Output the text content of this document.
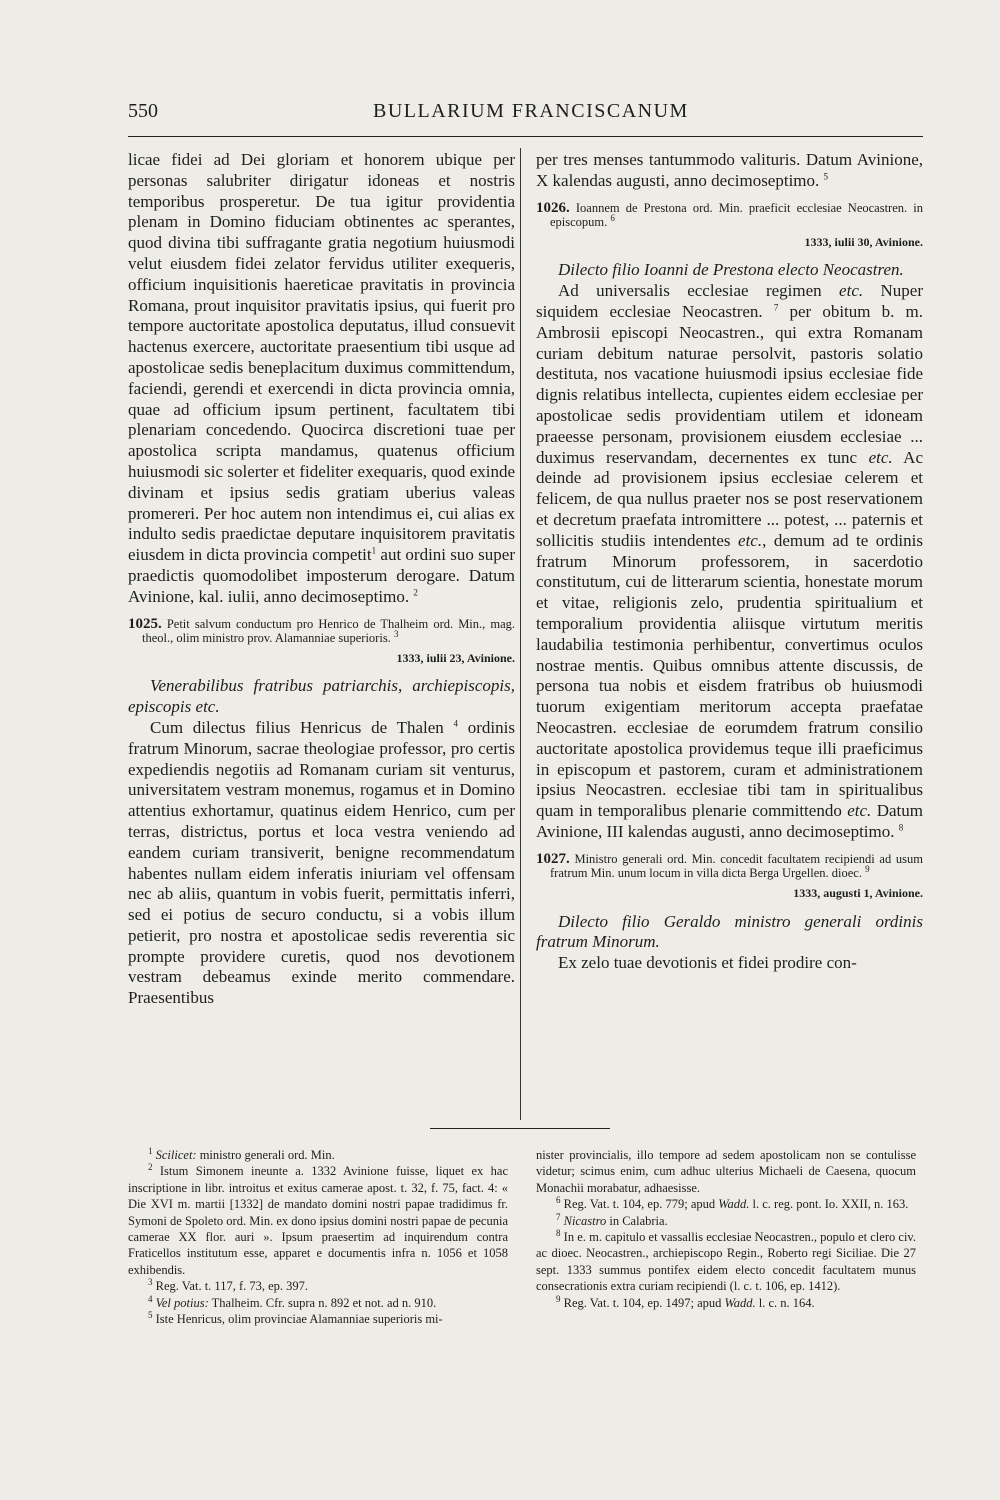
550	BULLARIUM FRANCISCANUM

licae fidei ad Dei gloriam et honorem ubique per personas salubriter dirigatur idoneas et nostris temporibus prosperetur. De tua igitur providentia plenam in Domino fiduciam obtinentes ac sperantes, quod divina tibi suffragante gratia negotium huiusmodi velut eiusdem fidei zelator fervidus utiliter exequeris, officium inquisitionis haereticae pravitatis in provincia Romana, prout inquisitor pravitatis ipsius, qui fuerit pro tempore auctoritate apostolica deputatus, illud consuevit hactenus exercere, auctoritate praesentium tibi usque ad apostolicae sedis beneplacitum duximus committendum, faciendi, gerendi et exercendi in dicta provincia omnia, quae ad officium ipsum pertinent, facultatem tibi plenariam concedendo. Quocirca discretioni tuae per apostolica scripta mandamus, quatenus officium huiusmodi sic solerter et fideliter exequaris, quod exinde divinam et ipsius sedis gratiam uberius valeas promereri. Per hoc autem non intendimus ei, cui alias ex indulto sedis praedictae deputare inquisitorem pravitatis eiusdem in dicta provincia competit$^1$ aut ordini suo super praedictis quomodolibet imposterum derogare. Datum Avinione, kal. iulii, anno decimoseptimo. $^2$

1025. Petit salvum conductum pro Henrico de Thalheim ord. Min., mag. theol., olim ministro prov. Alamanniae superioris. $^3$

1333, iulii 23, Avinione.

Venerabilibus fratribus patriarchis, archiepiscopis, episcopis etc.

Cum dilectus filius Henricus de Thalen $^4$ ordinis fratrum Minorum, sacrae theologiae professor, pro certis expediendis negotiis ad Romanam curiam sit venturus, universitatem vestram monemus, rogamus et in Domino attentius exhortamur, quatinus eidem Henrico, cum per terras, districtus, portus et loca vestra veniendo ad eandem curiam transiverit, benigne recommendatum habentes nullam eidem inferatis iniuriam vel offensam nec ab aliis, quantum in vobis fuerit, permittatis inferri, sed ei potius de securo conductu, si a vobis illum petierit, pro nostra et apostolicae sedis reverentia sic prompte providere curetis, quod nos devotionem vestram debeamus exinde merito commendare. Praesentibus

per tres menses tantummodo valituris. Datum Avinione, X kalendas augusti, anno decimoseptimo. $^5$

1026. Ioannem de Prestona ord. Min. praeficit ecclesiae Neocastren. in episcopum. $^6$

1333, iulii 30, Avinione.

Dilecto filio Ioanni de Prestona electo Neocastren.

Ad universalis ecclesiae regimen etc. Nuper siquidem ecclesiae Neocastren. $^7$ per obitum b. m. Ambrosii episcopi Neocastren., qui extra Romanam curiam debitum naturae persolvit, pastoris solatio destituta, nos vacatione huiusmodi ipsius ecclesiae fide dignis relatibus intellecta, cupientes eidem ecclesiae per apostolicae sedis providentiam utilem et idoneam praeesse personam, provisionem eiusdem ecclesiae ... duximus reservandam, decernentes ex tunc etc. Ac deinde ad provisionem ipsius ecclesiae celerem et felicem, de qua nullus praeter nos se post reservationem et decretum praefata intromittere ... potest, ... paternis et sollicitis studiis intendentes etc., demum ad te ordinis fratrum Minorum professorem, in sacerdotio constitutum, cui de litterarum scientia, honestate morum et vitae, religionis zelo, prudentia spiritualium et temporalium providentia aliisque virtutum meritis laudabilia testimonia perhibentur, convertimus oculos nostrae mentis. Quibus omnibus attente discussis, de persona tua nobis et eisdem fratribus ob huiusmodi tuorum exigentiam meritorum accepta praefatae Neocastren. ecclesiae de eorumdem fratrum consilio auctoritate apostolica providemus teque illi praeficimus in episcopum et pastorem, curam et administrationem ipsius Neocastren. ecclesiae tibi tam in spiritualibus quam in temporalibus plenarie committendo etc. Datum Avinione, III kalendas augusti, anno decimoseptimo. $^8$

1027. Ministro generali ord. Min. concedit facultatem recipiendi ad usum fratrum Min. unum locum in villa dicta Berga Urgellen. dioec. $^9$

1333, augusti 1, Avinione.

Dilecto filio Geraldo ministro generali ordinis fratrum Minorum.

Ex zelo tuae devotionis et fidei prodire con-

$^1$ Scilicet: ministro generali ord. Min.

$^2$ Istum Simonem ineunte a. 1332 Avinione fuisse, liquet ex hac inscriptione in libr. introitus et exitus camerae apost. t. 32, f. 75, fact. 4: « Die XVI m. martii [1332] de mandato domini nostri papae tradidimus fr. Symoni de Spoleto ord. Min. ex dono ipsius domini nostri papae de pecunia camerae XX flor. auri ». Ipsum praesertim ad inquirendum contra Fraticellos institutum esse, apparet e documentis infra n. 1056 et 1058 exhibendis.

$^3$ Reg. Vat. t. 117, f. 73, ep. 397.

$^4$ Vel potius: Thalheim. Cfr. supra n. 892 et not. ad n. 910.

$^5$ Iste Henricus, olim provinciae Alamanniae superioris mi-

nister provincialis, illo tempore ad sedem apostolicam non se contulisse videtur; scimus enim, cum adhuc ulterius Michaeli de Caesena, quocum Monachii morabatur, adhaesisse.

$^6$ Reg. Vat. t. 104, ep. 779; apud Wadd. l. c. reg. pont. Io. XXII, n. 163.

$^7$ Nicastro in Calabria.

$^8$ In e. m. capitulo et vassallis ecclesiae Neocastren., populo et clero civ. ac dioec. Neocastren., archiepiscopo Regin., Roberto regi Siciliae. Die 27 sept. 1333 summus pontifex eidem electo concedit facultatem munus consecrationis extra curiam recipiendi (l. c. t. 106, ep. 1412).

$^9$ Reg. Vat. t. 104, ep. 1497; apud Wadd. l. c. n. 164.
